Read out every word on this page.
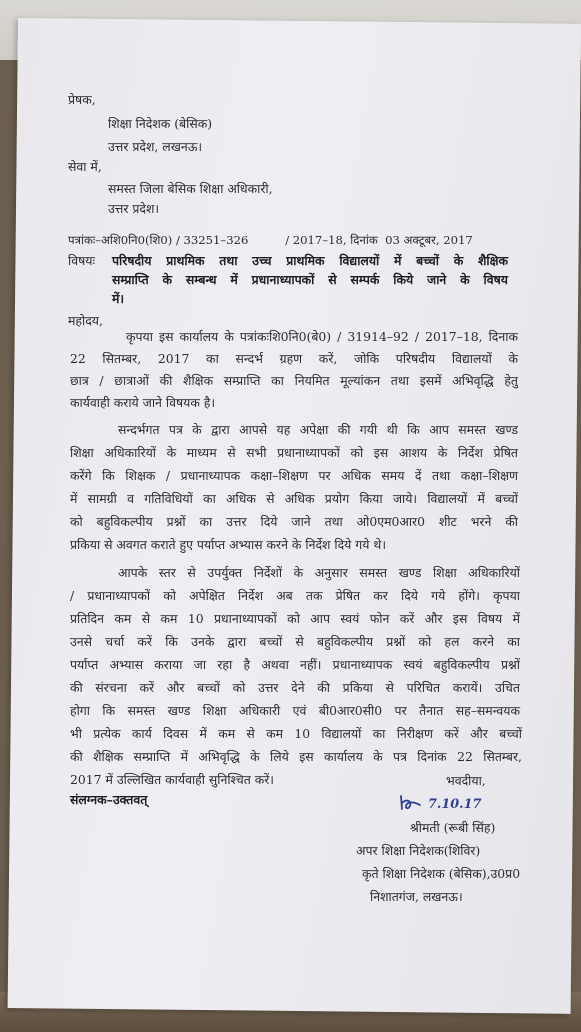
प्रेषक,
शिक्षा निदेशक (बेसिक)
उत्तर प्रदेश, लखनऊ।
सेवा में,
समस्त जिला बेसिक शिक्षा अधिकारी,
उत्तर प्रदेश।
पत्रांकः–अशि0नि0(शि0) / 33251–326          / 2017–18, दिनांक  03 अक्टूबर, 2017
विषयः परिषदीय प्राथमिक तथा उच्च प्राथमिक विद्यालयों में बच्चों के शैक्षिक
सम्प्राप्ति के सम्बन्ध में प्रधानाध्यापकों से सम्पर्क किये जाने के विषय
में।
महोदय,
कृपया इस कार्यालय के पत्रांकःशि0नि0(बे0) / 31914–92 / 2017–18, दिनाक
22 सितम्बर, 2017 का सन्दर्भ ग्रहण करें, जोकि परिषदीय विद्यालयों के
छात्र / छात्राओं की शैक्षिक सम्प्राप्ति का नियमित मूल्यांकन तथा इसमें अभिवृद्धि हेतु
कार्यवाही कराये जाने विषयक है।
सन्दर्भगत पत्र के द्वारा आपसे यह अपेक्षा की गयी थी कि आप समस्त खण्ड
शिक्षा अधिकारियों के माध्यम से सभी प्रधानाध्यापकों को इस आशय के निर्देश प्रेषित
करेंगे कि शिक्षक / प्रधानाध्यापक कक्षा–शिक्षण पर अधिक समय दें तथा कक्षा–शिक्षण
में सामग्री व गतिविधियों का अधिक से अधिक प्रयोग किया जाये। विद्यालयों में बच्चों
को बहुविकल्पीय प्रश्नों का उत्तर दिये जाने तथा ओ0एम0आर0 शीट भरने की
प्रकिया से अवगत कराते हुए पर्याप्त अभ्यास करने के निर्देश दिये गये थे।
आपके स्तर से उपर्युक्त निर्देशों के अनुसार समस्त खण्ड शिक्षा अधिकारियों
/ प्रधानाध्यापकों को अपेक्षित निर्देश अब तक प्रेषित कर दिये गये होंगे। कृपया
प्रतिदिन कम से कम 10 प्रधानाध्यापकों को आप स्वयं फोन करें और इस विषय में
उनसे चर्चा करें कि उनके द्वारा बच्चों से बहुविकल्पीय प्रश्नों को हल करने का
पर्याप्त अभ्यास कराया जा रहा है अथवा नहीं। प्रधानाध्यापक स्वयं बहुविकल्पीय प्रश्नों
की संरचना करें और बच्चों को उत्तर देने की प्रकिया से परिचित करायें। उचित
होगा कि समस्त खण्ड शिक्षा अधिकारी एवं बी0आर0सी0 पर तैनात सह–समन्वयक
भी प्रत्येक कार्य दिवस में कम से कम 10 विद्यालयों का निरीक्षण करें और बच्चों
की शैक्षिक सम्प्राप्ति में अभिवृद्धि के लिये इस कार्यालय के पत्र दिनांक 22 सितम्बर,
2017 में उल्लिखित कार्यवाही सुनिश्चित करें।
संलग्नक–उक्तवत्
भवदीया,
7.10.17
श्रीमती (रूबी सिंह)
अपर शिक्षा निदेशक(शिविर)
कृते शिक्षा निदेशक (बेसिक),उ0प्र0
निशातगंज, लखनऊ।
